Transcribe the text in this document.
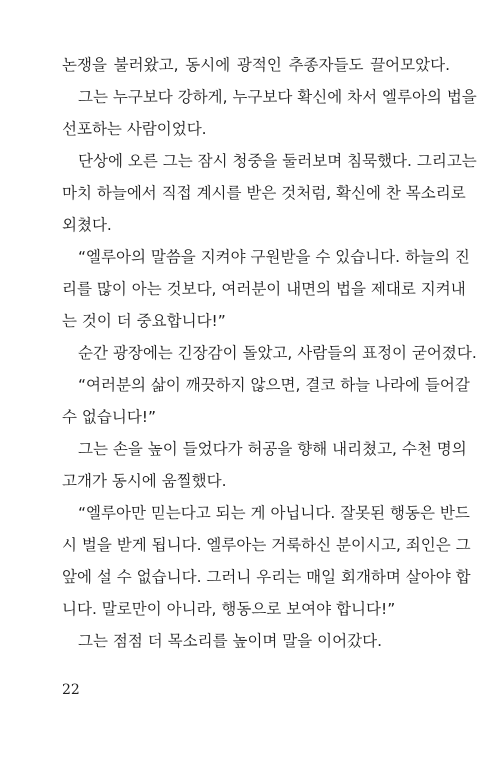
논쟁을 불러왔고, 동시에 광적인 추종자들도 끌어모았다.
그는 누구보다 강하게, 누구보다 확신에 차서 엘루아의 법을
선포하는 사람이었다.
단상에 오른 그는 잠시 청중을 둘러보며 침묵했다. 그리고는
마치 하늘에서 직접 계시를 받은 것처럼, 확신에 찬 목소리로
외쳤다.
“엘루아의 말씀을 지켜야 구원받을 수 있습니다. 하늘의 진
리를 많이 아는 것보다, 여러분이 내면의 법을 제대로 지켜내
는 것이 더 중요합니다!”
순간 광장에는 긴장감이 돌았고, 사람들의 표정이 굳어졌다.
“여러분의 삶이 깨끗하지 않으면, 결코 하늘 나라에 들어갈
수 없습니다!”
그는 손을 높이 들었다가 허공을 향해 내리쳤고, 수천 명의
고개가 동시에 움찔했다.
“엘루아만 믿는다고 되는 게 아닙니다. 잘못된 행동은 반드
시 벌을 받게 됩니다. 엘루아는 거룩하신 분이시고, 죄인은 그
앞에 설 수 없습니다. 그러니 우리는 매일 회개하며 살아야 합
22
니다. 말로만이 아니라, 행동으로 보여야 합니다!”
그는 점점 더 목소리를 높이며 말을 이어갔다.
